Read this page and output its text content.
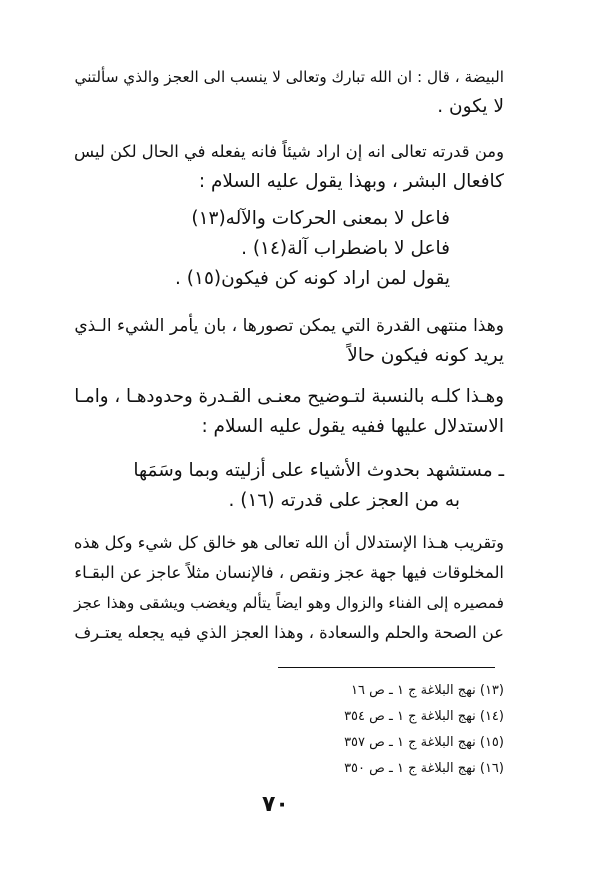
البيضة ، قال : ان الله تبارك وتعالى لا ينسب الى العجز والذي سألتني
لا يكون .
ومن قدرته تعالى انه إن اراد شيئاً فانه يفعله في الحال لكن ليس
كافعال البشر ، وبهذا يقول عليه السلام :
فاعل لا بمعنى الحركات والآله(١٣)
فاعل لا باضطراب آلة(١٤) .
يقول لمن اراد كونه كن فيكون(١٥) .
وهذا منتهى القدرة التي يمكن تصورها ، بان يأمر الشيء الـذي
يريد كونه فيكون حالاً
وهـذا كلـه بالنسبة لتـوضيح معنـى القـدرة وحدودهـا ، وامـا
الاستدلال عليها ففيه يقول عليه السلام :
ـ مستشهد بحدوث الأشياء على أزليته وبما وسَمَها
به من العجز على قدرته (١٦) .
وتقريب هـذا الإستدلال أن الله تعالى هو خالق كل شيء وكل هذه
المخلوقات فيها جهة عجز ونقص ، فالإنسان مثلاً عاجز عن البقـاء
فمصيره إلى الفناء والزوال وهو ايضاً يتألم ويغضب ويشقى وهذا عجز
عن الصحة والحلم والسعادة ، وهذا العجز الذي فيه يجعله يعتـرف
(١٣) نهج البلاغة ج ١ ـ ص ١٦
(١٤) نهج البلاغة ج ١ ـ ص ٣٥٤
(١٥) نهج البلاغة ج ١ ـ ص ٣٥٧
(١٦) نهج البلاغة ج ١ ـ ص ٣٥٠
٧٠
